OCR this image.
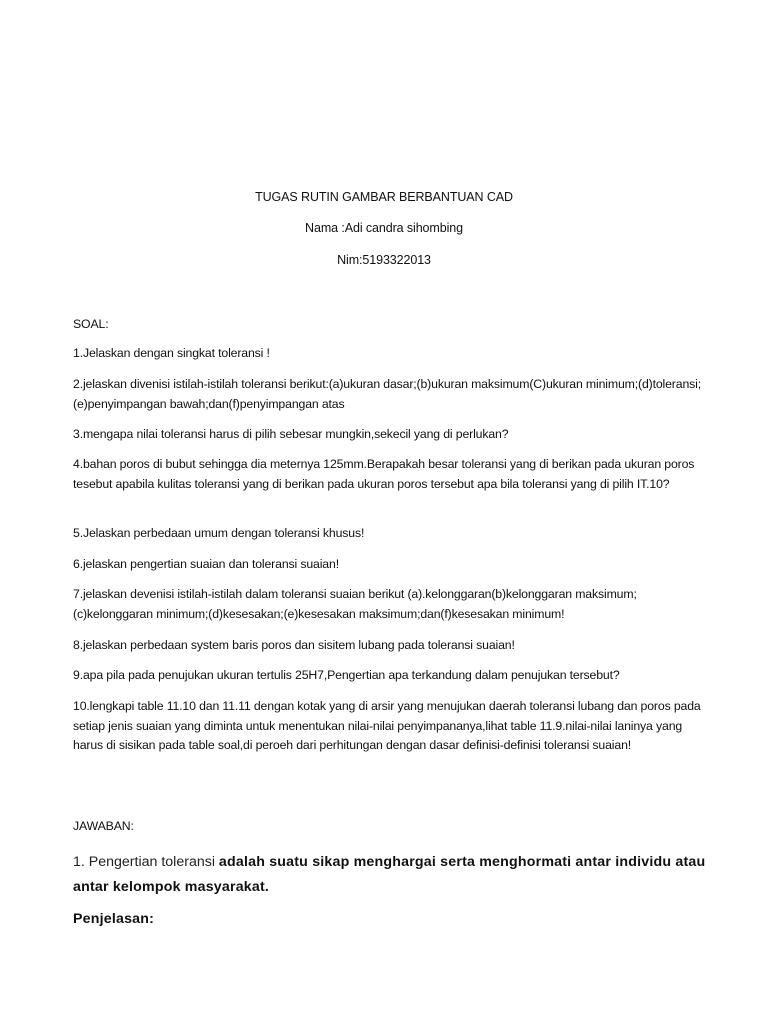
TUGAS RUTIN GAMBAR BERBANTUAN CAD
Nama :Adi candra sihombing
Nim:5193322013
SOAL:
1.Jelaskan dengan singkat toleransi !
2.jelaskan divenisi istilah-istilah toleransi berikut:(a)ukuran dasar;(b)ukuran maksimum(C)ukuran minimum;(d)toleransi;(e)penyimpangan bawah;dan(f)penyimpangan atas
3.mengapa nilai toleransi harus di pilih sebesar mungkin,sekecil yang di perlukan?
4.bahan poros di bubut sehingga dia meternya 125mm.Berapakah besar toleransi yang di berikan pada ukuran poros tesebut apabila kulitas toleransi yang di berikan pada ukuran poros tersebut apa bila toleransi yang di pilih IT.10?
5.Jelaskan perbedaan umum dengan toleransi khusus!
6.jelaskan pengertian suaian dan toleransi suaian!
7.jelaskan devenisi istilah-istilah dalam toleransi suaian berikut (a).kelonggaran(b)kelonggaran maksimum;(c)kelonggaran minimum;(d)kesesakan;(e)kesesakan maksimum;dan(f)kesesakan minimum!
8.jelaskan perbedaan system baris poros dan sisitem lubang pada toleransi suaian!
9.apa pila pada penujukan ukuran tertulis 25H7,Pengertian apa terkandung dalam penujukan tersebut?
10.lengkapi table 11.10 dan 11.11 dengan kotak yang di arsir yang menujukan daerah toleransi lubang dan poros pada setiap jenis suaian yang diminta untuk menentukan nilai-nilai penyimpananya,lihat table 11.9.nilai-nilai laninya yang harus di sisikan pada table soal,di peroeh dari perhitungan dengan dasar definisi-definisi toleransi suaian!
JAWABAN:
1. Pengertian toleransi adalah suatu sikap menghargai serta menghormati antar individu atau antar kelompok masyarakat.
Penjelasan:
